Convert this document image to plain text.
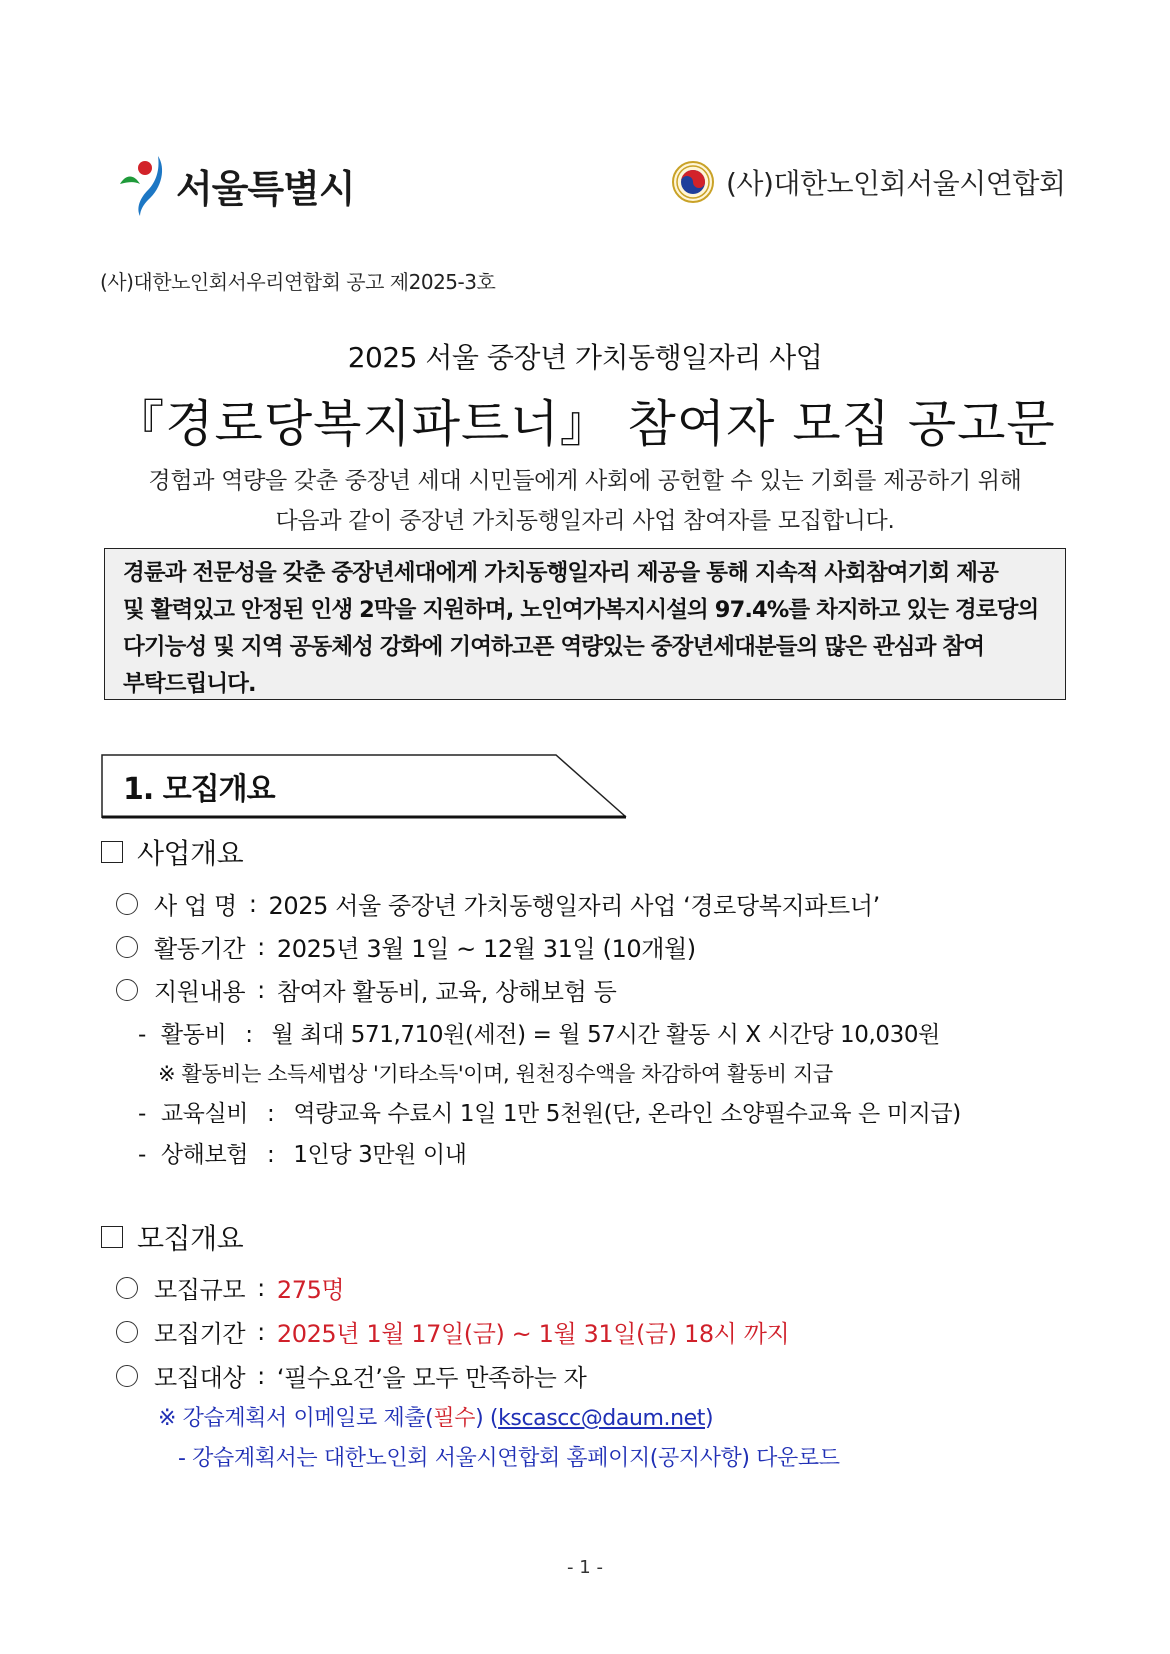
서울특별시	(사)대한노인회서울시연합회
(사)대한노인회서우리연합회 공고 제2025-3호
2025 서울 중장년 가치동행일자리 사업
『경로당복지파트너』 참여자 모집 공고문
경험과 역량을 갖춘 중장년 세대 시민들에게 사회에 공헌할 수 있는 기회를 제공하기 위해
다음과 같이 중장년 가치동행일자리 사업 참여자를 모집합니다.

경륜과 전문성을 갖춘 중장년세대에게 가치동행일자리 제공을 통해 지속적 사회참여기회 제공

및 활력있고 안정된 인생 2막을 지원하며, 노인여가복지시설의 97.4%를 차지하고 있는 경로당의

다기능성 및 지역 공동체성 강화에 기여하고픈 역량있는 중장년세대분들의 많은 관심과 참여

부탁드립니다.

1. 모집개요
사업개요
사 업 명 : 2025 서울 중장년 가치동행일자리 사업 ‘경로당복지파트너’
활동기간 : 2025년 3월 1일 ~ 12월 31일 (10개월)
지원내용 : 참여자 활동비, 교육, 상해보험 등
- 활동비 : 월 최대 571,710원(세전) = 월 57시간 활동 시 X 시간당 10,030원
※ 활동비는 소득세법상 '기타소득'이며, 원천징수액을 차감하여 활동비 지급
- 교육실비 : 역량교육 수료시 1일 1만 5천원(단, 온라인 소양필수교육 은 미지급)
- 상해보험 : 1인당 3만원 이내
모집개요
모집규모 : 275명
모집기간 : 2025년 1월 17일(금) ~ 1월 31일(금) 18시 까지
모집대상 : ‘필수요건’을 모두 만족하는 자
※ 강습계획서 이메일로 제출(필수) (kscascc@daum.net)
- 강습계획서는 대한노인회 서울시연합회 홈페이지(공지사항) 다운로드
- 1 -
